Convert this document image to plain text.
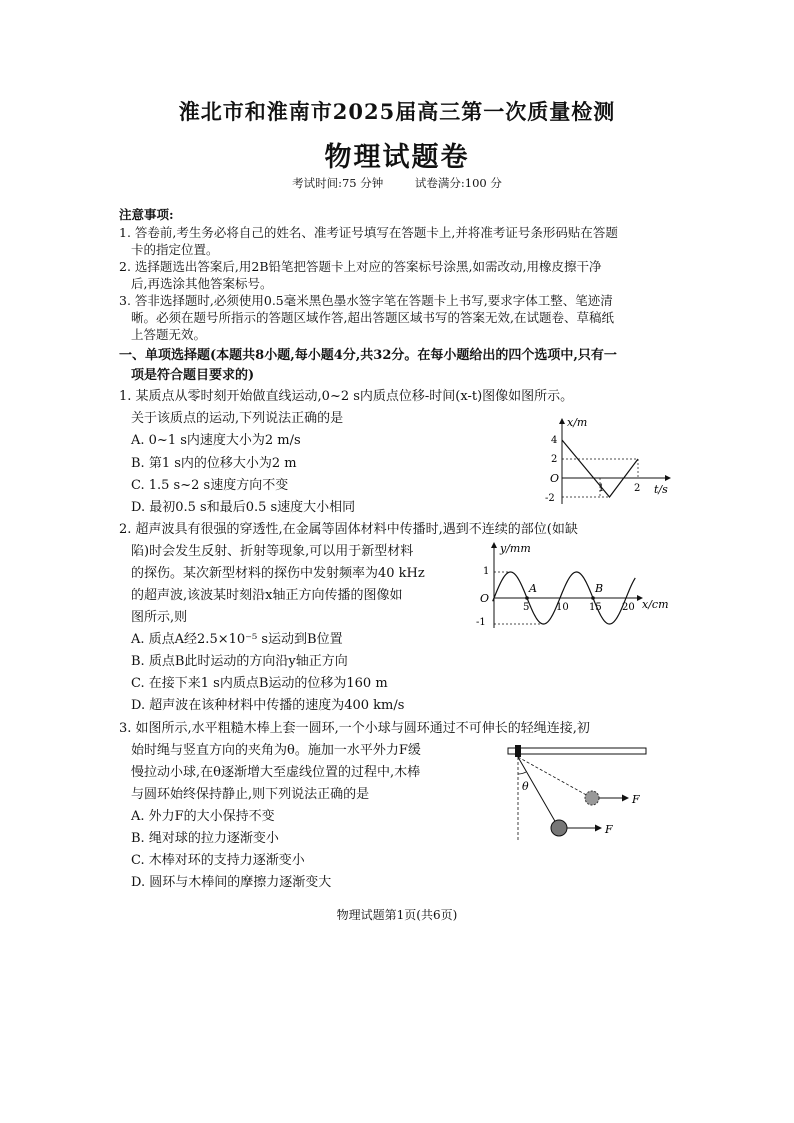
淮北市和淮南市2025届高三第一次质量检测
物理试题卷
考试时间:75 分钟	试卷满分:100 分
注意事项:
1. 答卷前,考生务必将自己的姓名、准考证号填写在答题卡上,并将准考证号条形码贴在答题
卡的指定位置。
2. 选择题选出答案后,用2B铅笔把答题卡上对应的答案标号涂黑,如需改动,用橡皮擦干净
后,再选涂其他答案标号。
3. 答非选择题时,必须使用0.5毫米黑色墨水签字笔在答题卡上书写,要求字体工整、笔迹清
晰。必须在题号所指示的答题区域作答,超出答题区域书写的答案无效,在试题卷、草稿纸
上答题无效。
一、单项选择题(本题共8小题,每小题4分,共32分。在每小题给出的四个选项中,只有一
项是符合题目要求的)
1. 某质点从零时刻开始做直线运动,0~2 s内质点位移-时间(x-t)图像如图所示。
关于该质点的运动,下列说法正确的是
A. 0~1 s内速度大小为2 m/s
B. 第1 s内的位移大小为2 m
C. 1.5 s~2 s速度方向不变
D. 最初0.5 s和最后0.5 s速度大小相同
x/m
t/s
O
4
2
-2
1	2
2. 超声波具有很强的穿透性,在金属等固体材料中传播时,遇到不连续的部位(如缺
陷)时会发生反射、折射等现象,可以用于新型材料
的探伤。某次新型材料的探伤中发射频率为40 kHz
的超声波,该波某时刻沿x轴正方向传播的图像如
图所示,则
A. 质点A经2.5×10⁻⁵ s运动到B位置
B. 质点B此时运动的方向沿y轴正方向
C. 在接下来1 s内质点B运动的位移为160 m
D. 超声波在该种材料中传播的速度为400 km/s
y/mm
x/cm
O
1
-1
5	10 15 20
A	B
3. 如图所示,水平粗糙木棒上套一圆环,一个小球与圆环通过不可伸长的轻绳连接,初
始时绳与竖直方向的夹角为θ。施加一水平外力F缓
慢拉动小球,在θ逐渐增大至虚线位置的过程中,木棒
与圆环始终保持静止,则下列说法正确的是
A. 外力F的大小保持不变
B. 绳对球的拉力逐渐变小
C. 木棒对环的支持力逐渐变小
D. 圆环与木棒间的摩擦力逐渐变大
θ
F
F
物理试题第1页(共6页)
